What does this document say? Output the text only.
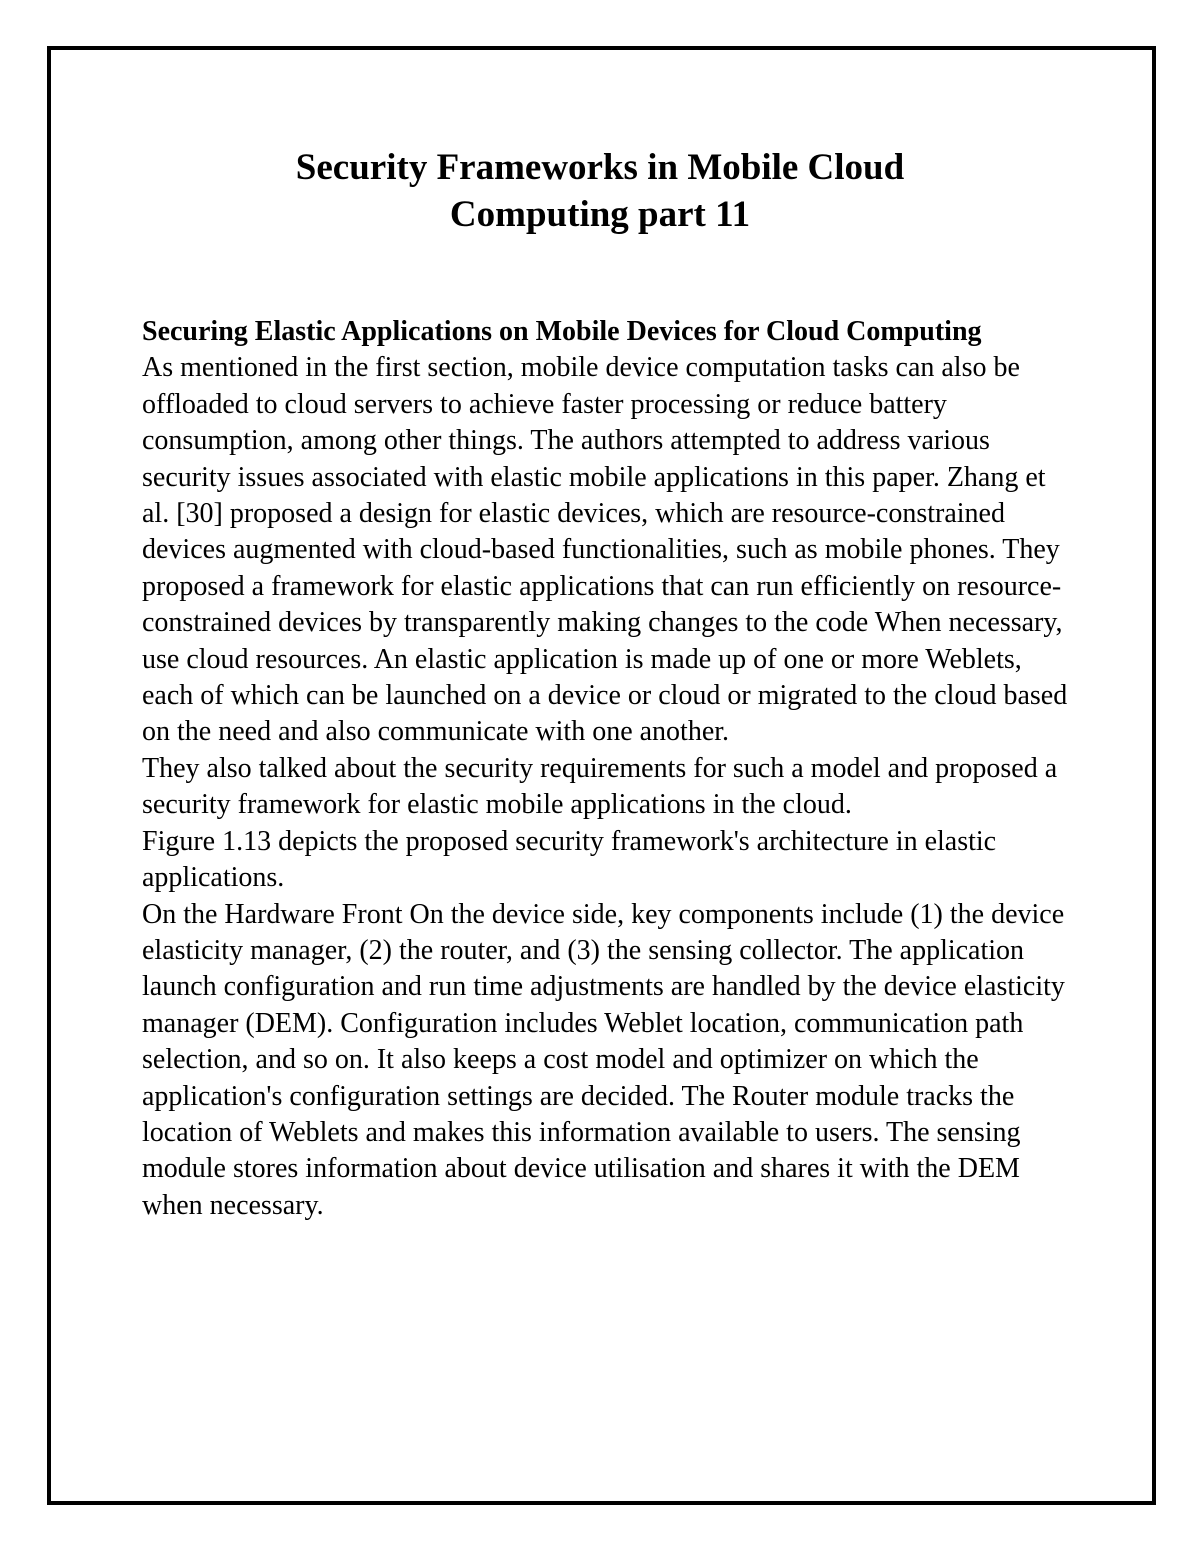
Security Frameworks in Mobile Cloud
Computing part 11

Securing Elastic Applications on Mobile Devices for Cloud Computing

As mentioned in the first section, mobile device computation tasks can also be offloaded to cloud servers to achieve faster processing or reduce battery consumption, among other things. The authors attempted to address various security issues associated with elastic mobile applications in this paper. Zhang et al. [30] proposed a design for elastic devices, which are resource-constrained devices augmented with cloud-based functionalities, such as mobile phones. They proposed a framework for elastic applications that can run efficiently on resource-constrained devices by transparently making changes to the code When necessary, use cloud resources. An elastic application is made up of one or more Weblets, each of which can be launched on a device or cloud or migrated to the cloud based on the need and also communicate with one another.

They also talked about the security requirements for such a model and proposed a security framework for elastic mobile applications in the cloud.

Figure 1.13 depicts the proposed security framework's architecture in elastic applications.

On the Hardware Front On the device side, key components include (1) the device elasticity manager, (2) the router, and (3) the sensing collector. The application launch configuration and run time adjustments are handled by the device elasticity manager (DEM). Configuration includes Weblet location, communication path selection, and so on. It also keeps a cost model and optimizer on which the application's configuration settings are decided. The Router module tracks the location of Weblets and makes this information available to users. The sensing module stores information about device utilisation and shares it with the DEM when necessary.
